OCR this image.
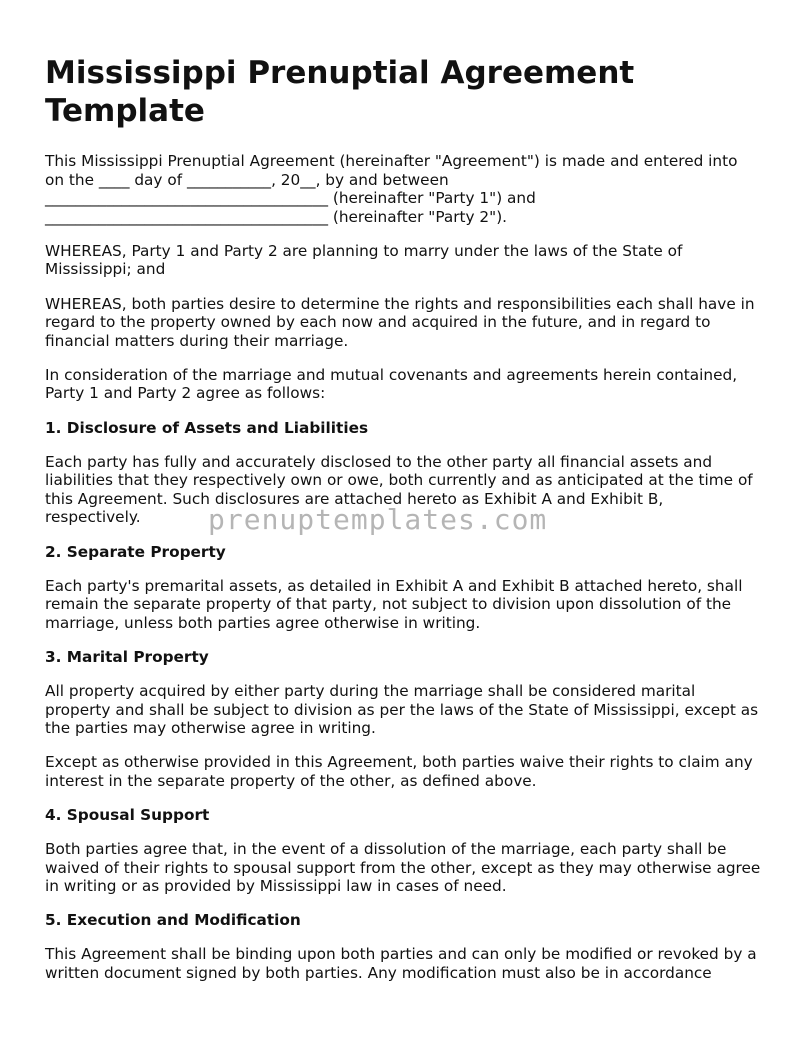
Mississippi Prenuptial Agreement
Template

This Mississippi Prenuptial Agreement (hereinafter "Agreement") is made and entered into
on the ____ day of ___________, 20__, by and between
_____________________________________ (hereinafter "Party 1") and
_____________________________________ (hereinafter "Party 2").

WHEREAS, Party 1 and Party 2 are planning to marry under the laws of the State of Mississippi; and

WHEREAS, both parties desire to determine the rights and responsibilities each shall have in regard to the property owned by each now and acquired in the future, and in regard to financial matters during their marriage.

In consideration of the marriage and mutual covenants and agreements herein contained, Party 1 and Party 2 agree as follows:

1. Disclosure of Assets and Liabilities

Each party has fully and accurately disclosed to the other party all financial assets and liabilities that they respectively own or owe, both currently and as anticipated at the time of this Agreement. Such disclosures are attached hereto as Exhibit A and Exhibit B, respectively.

2. Separate Property

Each party's premarital assets, as detailed in Exhibit A and Exhibit B attached hereto, shall remain the separate property of that party, not subject to division upon dissolution of the marriage, unless both parties agree otherwise in writing.

3. Marital Property

All property acquired by either party during the marriage shall be considered marital property and shall be subject to division as per the laws of the State of Mississippi, except as the parties may otherwise agree in writing.

Except as otherwise provided in this Agreement, both parties waive their rights to claim any interest in the separate property of the other, as defined above.

4. Spousal Support

Both parties agree that, in the event of a dissolution of the marriage, each party shall be waived of their rights to spousal support from the other, except as they may otherwise agree in writing or as provided by Mississippi law in cases of need.

5. Execution and Modification

This Agreement shall be binding upon both parties and can only be modified or revoked by a written document signed by both parties. Any modification must also be in accordance

prenuptemplates.com
